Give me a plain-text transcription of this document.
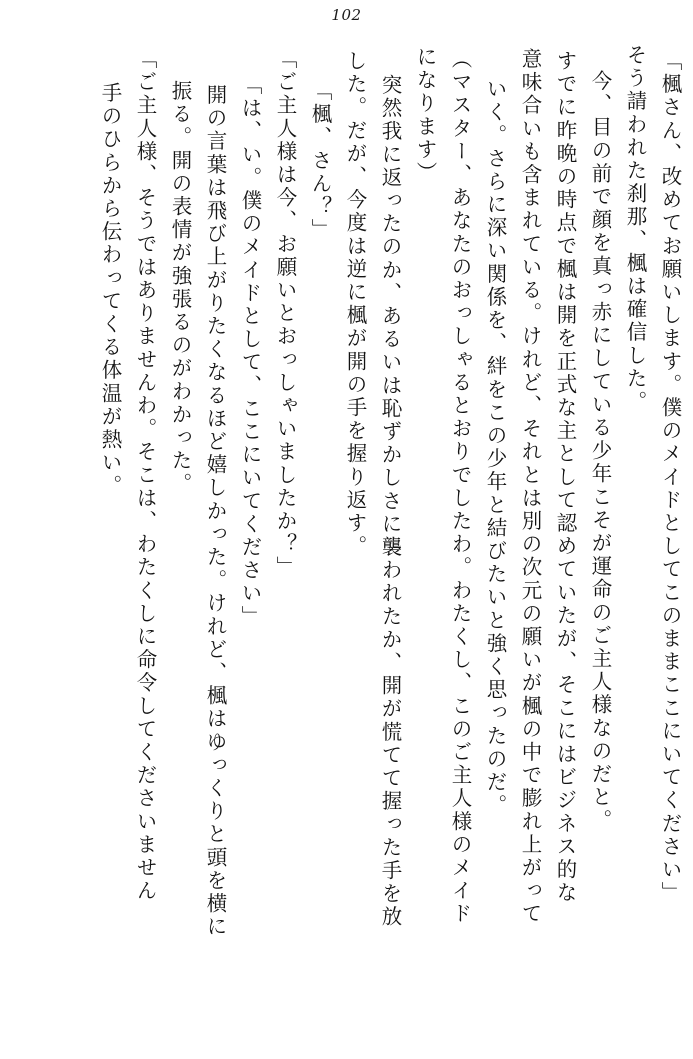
102
「楓さん、改めてお願いします。僕のメイドとしてこのままここにいてください」
そう請われた刹那、楓は確信した。
今、目の前で顔を真っ赤にしている少年こそが運命のご主人様なのだと。
すでに昨晩の時点で楓は開を正式な主として認めていたが、そこにはビジネス的な
意味合いも含まれている。けれど、それとは別の次元の願いが楓の中で膨れ上がって
いく。さらに深い関係を、絆をこの少年と結びたいと強く思ったのだ。
（マスター、あなたのおっしゃるとおりでしたわ。わたくし、このご主人様のメイド
になります）
突然我に返ったのか、あるいは恥ずかしさに襲われたか、開が慌てて握った手を放
した。だが、今度は逆に楓が開の手を握り返す。
「楓、さん？」
「ご主人様は今、お願いとおっしゃいましたか？」
「は、い。僕のメイドとして、ここにいてください」
開の言葉は飛び上がりたくなるほど嬉しかった。けれど、楓はゆっくりと頭を横に
振る。開の表情が強張るのがわかった。
「ご主人様、そうではありませんわ。そこは、わたくしに命令してくださいません
手のひらから伝わってくる体温が熱い。
